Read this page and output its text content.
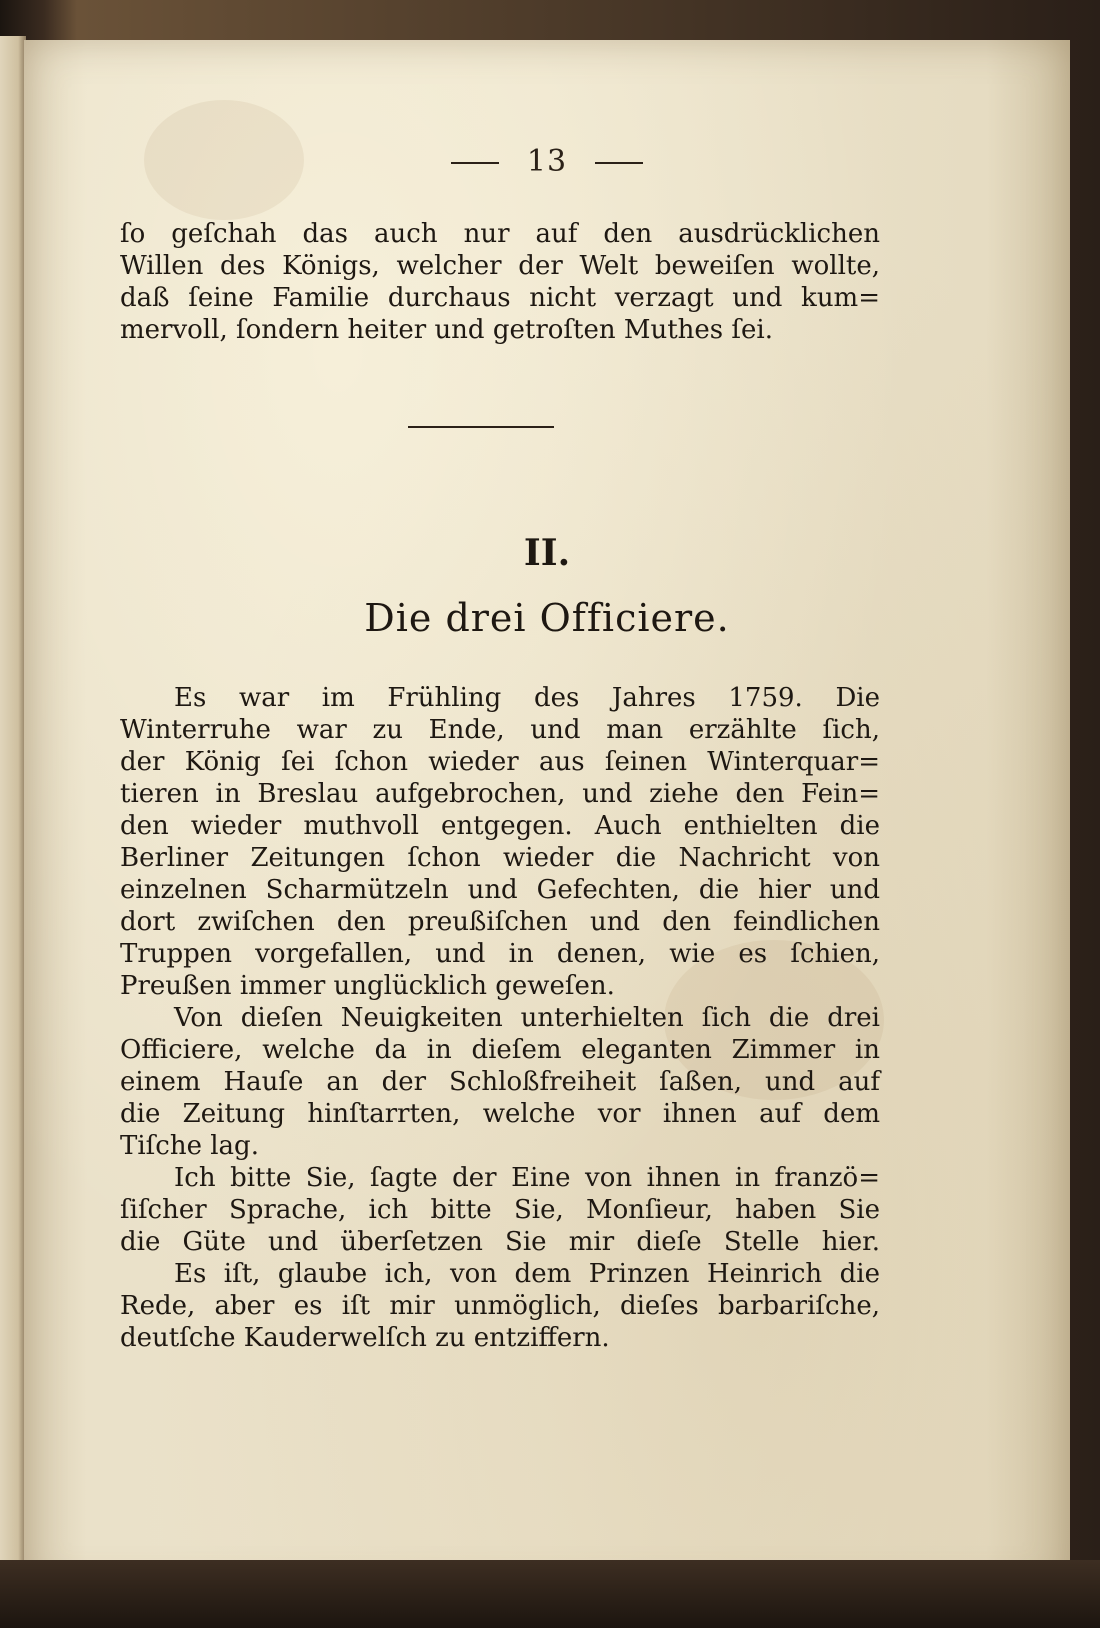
13

ſo geſchah das auch nur auf den ausdrücklichen
Willen des Königs, welcher der Welt beweiſen wollte,
daß ſeine Familie durchaus nicht verzagt und kum=
mervoll, ſondern heiter und getroſten Muthes ſei.

II.
Die drei Officiere.

Es war im Frühling des Jahres 1759. Die
Winterruhe war zu Ende, und man erzählte ſich,
der König ſei ſchon wieder aus ſeinen Winterquar=
tieren in Breslau aufgebrochen, und ziehe den Fein=
den wieder muthvoll entgegen. Auch enthielten die
Berliner Zeitungen ſchon wieder die Nachricht von
einzelnen Scharmützeln und Gefechten, die hier und
dort zwiſchen den preußiſchen und den feindlichen
Truppen vorgefallen, und in denen, wie es ſchien,
Preußen immer unglücklich geweſen.

Von dieſen Neuigkeiten unterhielten ſich die drei
Officiere, welche da in dieſem eleganten Zimmer in
einem Hauſe an der Schloßfreiheit ſaßen, und auf
die Zeitung hinſtarrten, welche vor ihnen auf dem
Tiſche lag.

Ich bitte Sie, ſagte der Eine von ihnen in franzö=
ſiſcher Sprache, ich bitte Sie, Monſieur, haben Sie
die Güte und überſetzen Sie mir dieſe Stelle hier.

Es iſt, glaube ich, von dem Prinzen Heinrich die
Rede, aber es iſt mir unmöglich, dieſes barbariſche,
deutſche Kauderwelſch zu entziffern.
